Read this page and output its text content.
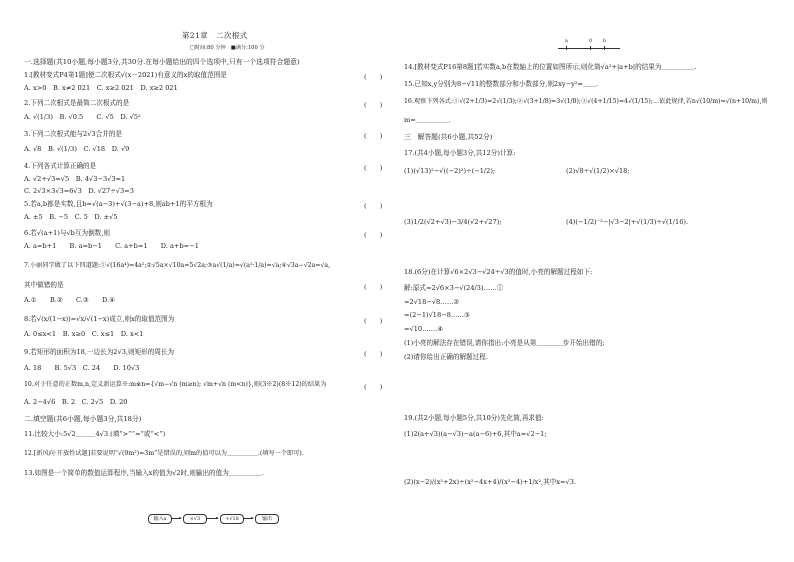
第21章　二次根式
□时间:80 分钟　■满分:100 分
一.选择题(共10小题,每小题3分,共30分.在每小题给出的四个选项中,只有一个选项符合题意)
1.[教材变式P4第1题]使二次根式√(x－2021)有意义的x的取值范围是	(　　)
A. x>0　B. x≠2 021　C. x≥2 021　D. x≥2 021
2.下列二次根式是最简二次根式的是	(　　)
A. √(1/3)　B. √0.5　　C. √5　D. √5²
3.下列二次根式能与2√3合并的是	(　　)
A. √8　B. √(1/3)　C. √18　D. √9
4.下列各式计算正确的是	(　　)
A. √2+√3=√5　B. 4√3−3√3=1
C. 2√3×3√3=6√3　D. √27÷√3=3
5.若a,b都是实数,且b=√(a−3)+√(3−a)+8,则ab+1的平方根为	(　　)
A. ±5　B. −5　C. 5　D. ±√5
6.若√(a+1)与√b互为倒数,则	(　　)
A. a=b+1　　B. a=b−1　　C. a+b=1　　D. a+b=−1
7.小丽同学做了以下四道题:①√(16a⁴)=4a²;②√5a×√10a=5√2a;③a√(1/a)=√(a²·1/a)=√a;④√3a−√2a=√a,
其中做错的是	(　　)
A.①　　B.②　　C.③　　D.④
8.若√(x/(1−x))=√x/√(1−x)成立,则x的取值范围为	(　　)
A. 0≤x<1　B. x≥0　C. x≤1　D. x<1
9.若矩形的面积为18,一边长为2√3,则矩形的周长为	(　　)
A. 18　　B. 5√3　C. 24　　D. 10√3
10.对于任意的正数m,n,定义新运算※:m※n={√m−√n (m≥n); √m+√n (m<n)},则(3※2)(8※12)的结果为	(　　)
A. 2−4√6　B. 2　C. 2√5　D. 20
二.填空题(共6小题,每小题3分,共18分)
11.比较大小:5√2＿＿＿4√3.(填“>”“=”或“<”)
12.[新风向·开放性试题]若要说明“√(9m²)=3m”是错误的,则m的值可以为＿＿＿＿＿.(填写一个即可).
13.如图是一个简单的数值运算程序,当输入x的值为√2时,则输出的值为＿＿＿＿＿.
输入x	×√3	+√18	输出
a	0 b
14.[教材变式P16第8题]若实数a,b在数轴上的位置如图所示,则化简√a²+|a+b|的结果为＿＿＿＿＿.
15.已知x,y分别为8−√11的整数部分和小数部分,则2xy−y²=＿＿.
16.观察下列各式:①√(2+1/3)=2√(1/3);②√(3+1/8)=3√(1/8);③√(4+1/15)=4√(1/15);…依此规律,若n√(10/m)=√(n+10/m),则
m=＿＿＿＿＿.
三　解答题(共6小题,共52分)
17.(共4小题,每小题3分,共12分)计算:
(1)(√13)²−√((−2)²)÷(−1/2);	(2)√8÷√(1/2)×√18;
(3)1/2(√2+√3)−3/4(√2+√27);	(4)(−1/2)⁻²−|√3−2|+√(1/3)÷√(1/16).
18.(6分)在计算√6×2√3−√24÷√3的值时,小亮的解题过程如下:
解:原式=2√6×3−√(24/3)……①
=2√18−√8……②
=(2−1)√18−8……③
=√10.……④
(1)小亮的解法存在错误,请你指出:小亮是从第＿＿＿＿步开始出错的;
(2)请你给出正确的解题过程.
19.(共2小题,每小题5分,共10分)先化简,再求值:
(1)2(a+√3)(a−√3)−a(a−6)+6,其中a=√2−1;
(2)(x−2)/(x²+2x)÷(x²−4x+4)/(x²−4)+1/x²,其中x=√3.
